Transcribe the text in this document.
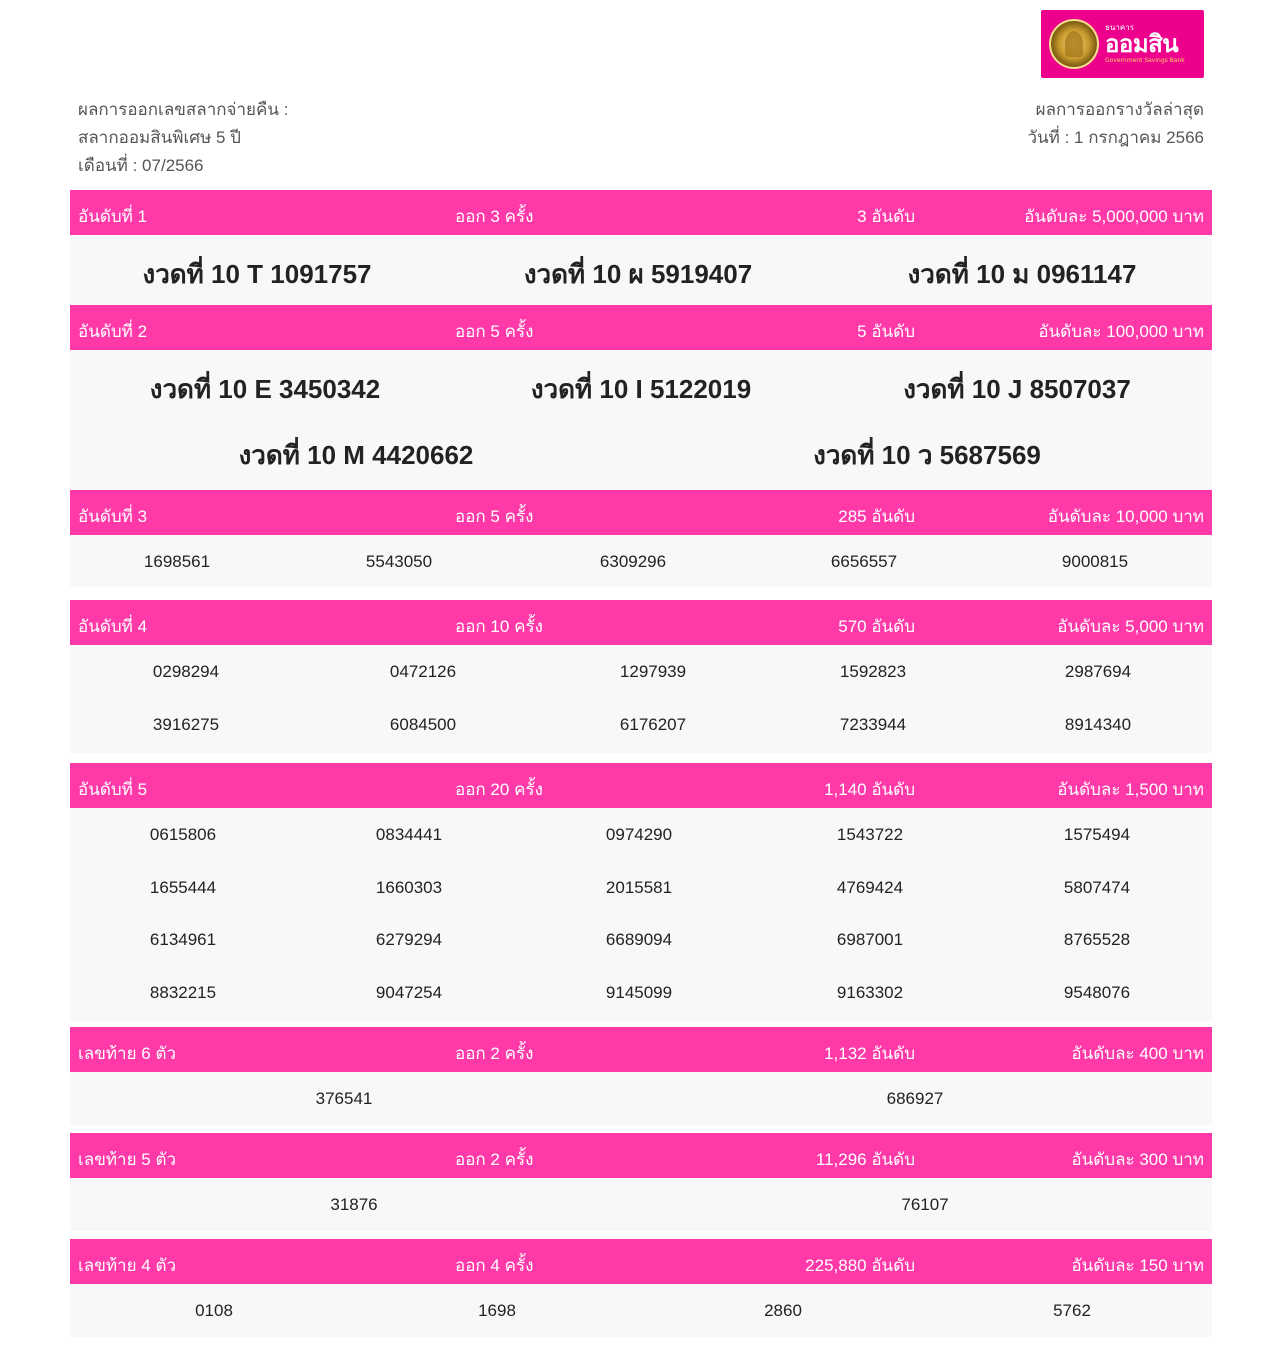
ธนาคาร
ออมสิน
Government Savings Bank
ผลการออกเลขสลากจ่ายคืน :
สลากออมสินพิเศษ 5 ปี
เดือนที่ : 07/2566
ผลการออกรางวัลล่าสุด
วันที่ : 1 กรกฎาคม 2566
อันดับที่ 1	ออก 3 ครั้ง	3 อันดับ	อันดับละ 5,000,000 บาท
งวดที่ 10 T 1091757	งวดที่ 10 ผ 5919407	งวดที่ 10 ม 0961147
อันดับที่ 2	ออก 5 ครั้ง	5 อันดับ	อันดับละ 100,000 บาท
งวดที่ 10 E 3450342	งวดที่ 10 I 5122019	งวดที่ 10 J 8507037
งวดที่ 10 M 4420662	งวดที่ 10 ว 5687569
อันดับที่ 3	ออก 5 ครั้ง	285 อันดับ	อันดับละ 10,000 บาท
1698561	5543050	6309296	6656557	9000815
อันดับที่ 4	ออก 10 ครั้ง	570 อันดับ	อันดับละ 5,000 บาท
0298294	0472126	1297939	1592823	2987694
3916275	6084500	6176207	7233944	8914340
อันดับที่ 5	ออก 20 ครั้ง	1,140 อันดับ	อันดับละ 1,500 บาท
0615806	0834441	0974290	1543722	1575494
1655444	1660303	2015581	4769424	5807474
6134961	6279294	6689094	6987001	8765528
8832215	9047254	9145099	9163302	9548076
เลขท้าย 6 ตัว	ออก 2 ครั้ง	1,132 อันดับ	อันดับละ 400 บาท
376541	686927
เลขท้าย 5 ตัว	ออก 2 ครั้ง	11,296 อันดับ	อันดับละ 300 บาท
31876	76107
เลขท้าย 4 ตัว	ออก 4 ครั้ง	225,880 อันดับ	อันดับละ 150 บาท
0108	1698	2860	5762
